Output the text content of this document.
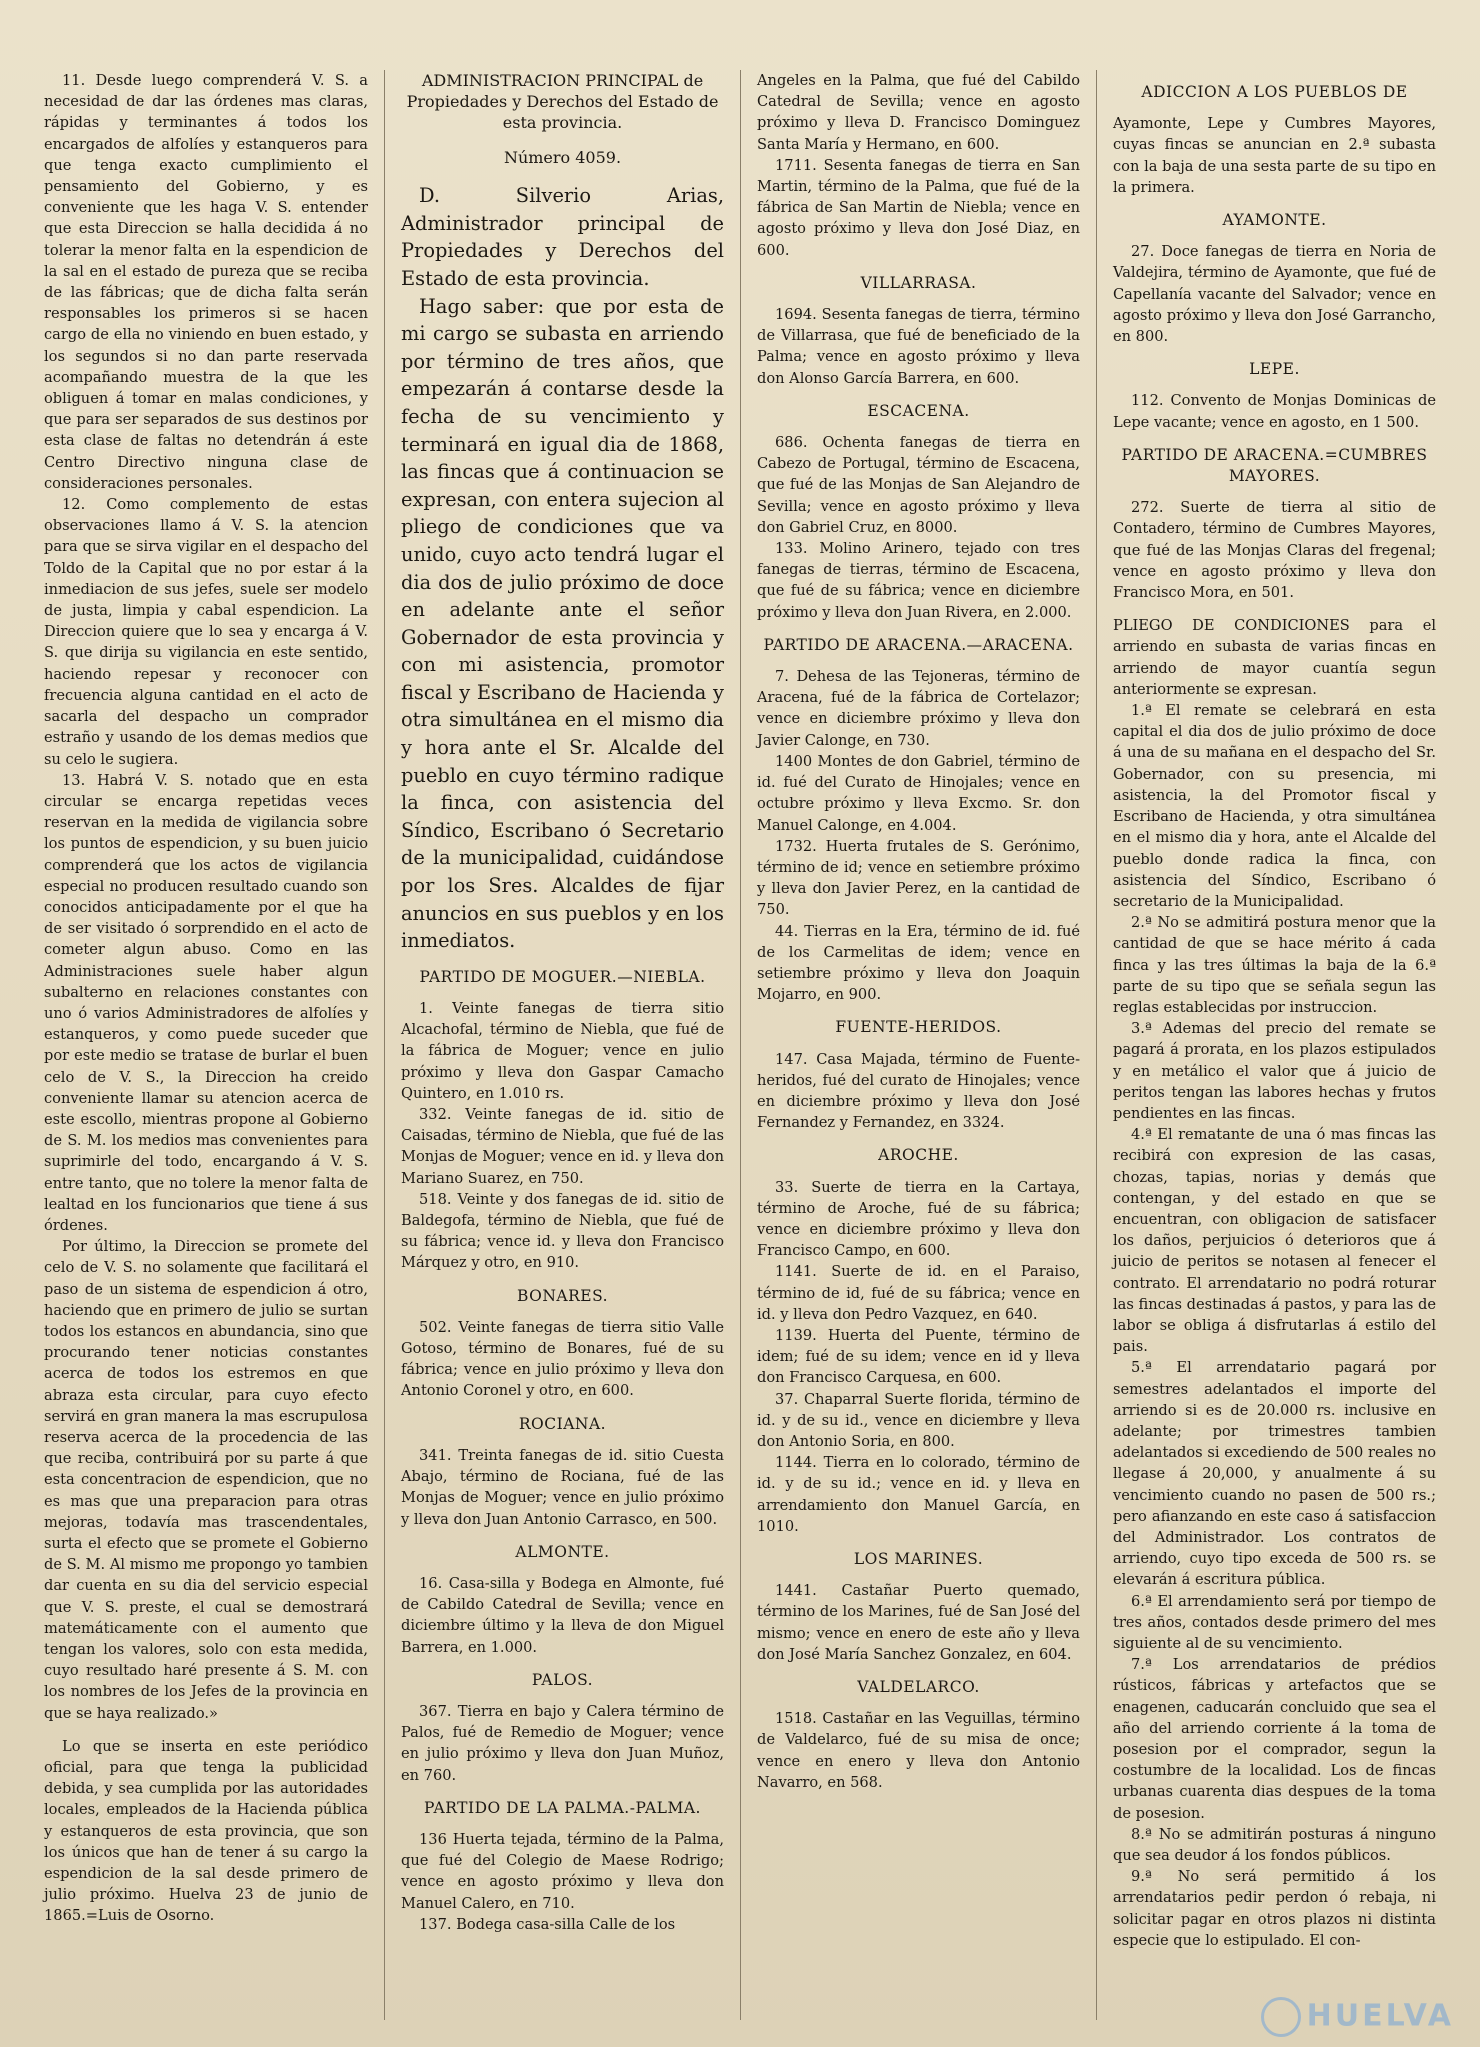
11. Desde luego comprenderá V. S. a necesidad de dar las órdenes mas claras, rápidas y terminantes á todos los encargados de alfolíes y estanqueros para que tenga exacto cumplimiento el pensamiento del Gobierno, y es conveniente que les haga V. S. entender que esta Direccion se halla decidida á no tolerar la menor falta en la espendicion de la sal en el estado de pureza que se reciba de las fábricas; que de dicha falta serán responsables los primeros si se hacen cargo de ella no viniendo en buen estado, y los segundos si no dan parte reservada acompañando muestra de la que les obliguen á tomar en malas condiciones, y que para ser separados de sus destinos por esta clase de faltas no detendrán á este Centro Directivo ninguna clase de consideraciones personales.

12. Como complemento de estas observaciones llamo á V. S. la atencion para que se sirva vigilar en el despacho del Toldo de la Capital que no por estar á la inmediacion de sus jefes, suele ser modelo de justa, limpia y cabal espendicion. La Direccion quiere que lo sea y encarga á V. S. que dirija su vigilancia en este sentido, haciendo repesar y reconocer con frecuencia alguna cantidad en el acto de sacarla del despacho un comprador estraño y usando de los demas medios que su celo le sugiera.

13. Habrá V. S. notado que en esta circular se encarga repetidas veces reservan en la medida de vigilancia sobre los puntos de espendicion, y su buen juicio comprenderá que los actos de vigilancia especial no producen resultado cuando son conocidos anticipadamente por el que ha de ser visitado ó sorprendido en el acto de cometer algun abuso. Como en las Administraciones suele haber algun subalterno en relaciones constantes con uno ó varios Administradores de alfolíes y estanqueros, y como puede suceder que por este medio se tratase de burlar el buen celo de V. S., la Direccion ha creido conveniente llamar su atencion acerca de este escollo, mientras propone al Gobierno de S. M. los medios mas convenientes para suprimirle del todo, encargando á V. S. entre tanto, que no tolere la menor falta de lealtad en los funcionarios que tiene á sus órdenes.

Por último, la Direccion se promete del celo de V. S. no solamente que facilitará el paso de un sistema de espendicion á otro, haciendo que en primero de julio se surtan todos los estancos en abundancia, sino que procurando tener noticias constantes acerca de todos los estremos en que abraza esta circular, para cuyo efecto servirá en gran manera la mas escrupulosa reserva acerca de la procedencia de las que reciba, contribuirá por su parte á que esta concentracion de espendicion, que no es mas que una preparacion para otras mejoras, todavía mas trascendentales, surta el efecto que se promete el Gobierno de S. M. Al mismo me propongo yo tambien dar cuenta en su dia del servicio especial que V. S. preste, el cual se demostrará matemáticamente con el aumento que tengan los valores, solo con esta medida, cuyo resultado haré presente á S. M. con los nombres de los Jefes de la provincia en que se haya realizado.»

Lo que se inserta en este periódico oficial, para que tenga la publicidad debida, y sea cumplida por las autoridades locales, empleados de la Hacienda pública y estanqueros de esta provincia, que son los únicos que han de tener á su cargo la espendicion de la sal desde primero de julio próximo. Huelva 23 de junio de 1865.=Luis de Osorno.

ADMINISTRACION PRINCIPAL de Propiedades y Derechos del Estado de esta provincia.
Número 4059.

D. Silverio Arias, Administrador principal de Propiedades y Derechos del Estado de esta provincia.

Hago saber: que por esta de mi cargo se subasta en arriendo por término de tres años, que empezarán á contarse desde la fecha de su vencimiento y terminará en igual dia de 1868, las fincas que á continuacion se expresan, con entera sujecion al pliego de condiciones que va unido, cuyo acto tendrá lugar el dia dos de julio próximo de doce en adelante ante el señor Gobernador de esta provincia y con mi asistencia, promotor fiscal y Escribano de Hacienda y otra simultánea en el mismo dia y hora ante el Sr. Alcalde del pueblo en cuyo término radique la finca, con asistencia del Síndico, Escribano ó Secretario de la municipalidad, cuidándose por los Sres. Alcaldes de fijar anuncios en sus pueblos y en los inmediatos.

PARTIDO DE MOGUER.—NIEBLA.

1. Veinte fanegas de tierra sitio Alcachofal, término de Niebla, que fué de la fábrica de Moguer; vence en julio próximo y lleva don Gaspar Camacho Quintero, en 1.010 rs.

332. Veinte fanegas de id. sitio de Caisadas, término de Niebla, que fué de las Monjas de Moguer; vence en id. y lleva don Mariano Suarez, en 750.

518. Veinte y dos fanegas de id. sitio de Baldegofa, término de Niebla, que fué de su fábrica; vence id. y lleva don Francisco Márquez y otro, en 910.

BONARES.

502. Veinte fanegas de tierra sitio Valle Gotoso, término de Bonares, fué de su fábrica; vence en julio próximo y lleva don Antonio Coronel y otro, en 600.

ROCIANA.

341. Treinta fanegas de id. sitio Cuesta Abajo, término de Rociana, fué de las Monjas de Moguer; vence en julio próximo y lleva don Juan Antonio Carrasco, en 500.

ALMONTE.

16. Casa-silla y Bodega en Almonte, fué de Cabildo Catedral de Sevilla; vence en diciembre último y la lleva de don Miguel Barrera, en 1.000.

PALOS.

367. Tierra en bajo y Calera término de Palos, fué de Remedio de Moguer; vence en julio próximo y lleva don Juan Muñoz, en 760.

PARTIDO DE LA PALMA.-PALMA.

136 Huerta tejada, término de la Palma, que fué del Colegio de Maese Rodrigo; vence en agosto próximo y lleva don Manuel Calero, en 710.

137. Bodega casa-silla Calle de los

Angeles en la Palma, que fué del Cabildo Catedral de Sevilla; vence en agosto próximo y lleva D. Francisco Dominguez Santa María y Hermano, en 600.

1711. Sesenta fanegas de tierra en San Martin, término de la Palma, que fué de la fábrica de San Martin de Niebla; vence en agosto próximo y lleva don José Diaz, en 600.

VILLARRASA.

1694. Sesenta fanegas de tierra, término de Villarrasa, que fué de beneficiado de la Palma; vence en agosto próximo y lleva don Alonso García Barrera, en 600.

ESCACENA.

686. Ochenta fanegas de tierra en Cabezo de Portugal, término de Escacena, que fué de las Monjas de San Alejandro de Sevilla; vence en agosto próximo y lleva don Gabriel Cruz, en 8000.

133. Molino Arinero, tejado con tres fanegas de tierras, término de Escacena, que fué de su fábrica; vence en diciembre próximo y lleva don Juan Rivera, en 2.000.

PARTIDO DE ARACENA.—ARACENA.

7. Dehesa de las Tejoneras, término de Aracena, fué de la fábrica de Cortelazor; vence en diciembre próximo y lleva don Javier Calonge, en 730.

1400 Montes de don Gabriel, término de id. fué del Curato de Hinojales; vence en octubre próximo y lleva Excmo. Sr. don Manuel Calonge, en 4.004.

1732. Huerta frutales de S. Gerónimo, término de id; vence en setiembre próximo y lleva don Javier Perez, en la cantidad de 750.

44. Tierras en la Era, término de id. fué de los Carmelitas de idem; vence en setiembre próximo y lleva don Joaquin Mojarro, en 900.

FUENTE-HERIDOS.

147. Casa Majada, término de Fuente-heridos, fué del curato de Hinojales; vence en diciembre próximo y lleva don José Fernandez y Fernandez, en 3324.

AROCHE.

33. Suerte de tierra en la Cartaya, término de Aroche, fué de su fábrica; vence en diciembre próximo y lleva don Francisco Campo, en 600.

1141. Suerte de id. en el Paraiso, término de id, fué de su fábrica; vence en id. y lleva don Pedro Vazquez, en 640.

1139. Huerta del Puente, término de idem; fué de su idem; vence en id y lleva don Francisco Carquesa, en 600.

37. Chaparral Suerte florida, término de id. y de su id., vence en diciembre y lleva don Antonio Soria, en 800.

1144. Tierra en lo colorado, término de id. y de su id.; vence en id. y lleva en arrendamiento don Manuel García, en 1010.

LOS MARINES.

1441. Castañar Puerto quemado, término de los Marines, fué de San José del mismo; vence en enero de este año y lleva don José María Sanchez Gonzalez, en 604.

VALDELARCO.

1518. Castañar en las Veguillas, término de Valdelarco, fué de su misa de once; vence en enero y lleva don Antonio Navarro, en 568.

ADICCION A LOS PUEBLOS DE

Ayamonte, Lepe y Cumbres Mayores, cuyas fincas se anuncian en 2.ª subasta con la baja de una sesta parte de su tipo en la primera.

AYAMONTE.

27. Doce fanegas de tierra en Noria de Valdejira, término de Ayamonte, que fué de Capellanía vacante del Salvador; vence en agosto próximo y lleva don José Garrancho, en 800.

LEPE.

112. Convento de Monjas Dominicas de Lepe vacante; vence en agosto, en 1 500.

PARTIDO DE ARACENA.=CUMBRES MAYORES.

272. Suerte de tierra al sitio de Contadero, término de Cumbres Mayores, que fué de las Monjas Claras del fregenal; vence en agosto próximo y lleva don Francisco Mora, en 501.

PLIEGO DE CONDICIONES para el arriendo en subasta de varias fincas en arriendo de mayor cuantía segun anteriormente se expresan.

1.ª El remate se celebrará en esta capital el dia dos de julio próximo de doce á una de su mañana en el despacho del Sr. Gobernador, con su presencia, mi asistencia, la del Promotor fiscal y Escribano de Hacienda, y otra simultánea en el mismo dia y hora, ante el Alcalde del pueblo donde radica la finca, con asistencia del Síndico, Escribano ó secretario de la Municipalidad.

2.ª No se admitirá postura menor que la cantidad de que se hace mérito á cada finca y las tres últimas la baja de la 6.ª parte de su tipo que se señala segun las reglas establecidas por instruccion.

3.ª Ademas del precio del remate se pagará á prorata, en los plazos estipulados y en metálico el valor que á juicio de peritos tengan las labores hechas y frutos pendientes en las fincas.

4.ª El rematante de una ó mas fincas las recibirá con expresion de las casas, chozas, tapias, norias y demás que contengan, y del estado en que se encuentran, con obligacion de satisfacer los daños, perjuicios ó deterioros que á juicio de peritos se notasen al fenecer el contrato. El arrendatario no podrá roturar las fincas destinadas á pastos, y para las de labor se obliga á disfrutarlas á estilo del pais.

5.ª El arrendatario pagará por semestres adelantados el importe del arriendo si es de 20.000 rs. inclusive en adelante; por trimestres tambien adelantados si excediendo de 500 reales no llegase á 20,000, y anualmente á su vencimiento cuando no pasen de 500 rs.; pero afianzando en este caso á satisfaccion del Administrador. Los contratos de arriendo, cuyo tipo exceda de 500 rs. se elevarán á escritura pública.

6.ª El arrendamiento será por tiempo de tres años, contados desde primero del mes siguiente al de su vencimiento.

7.ª Los arrendatarios de prédios rústicos, fábricas y artefactos que se enagenen, caducarán concluido que sea el año del arriendo corriente á la toma de posesion por el comprador, segun la costumbre de la localidad. Los de fincas urbanas cuarenta dias despues de la toma de posesion.

8.ª No se admitirán posturas á ninguno que sea deudor á los fondos públicos.

9.ª No será permitido á los arrendatarios pedir perdon ó rebaja, ni solicitar pagar en otros plazos ni distinta especie que lo estipulado. El con-

HUELVA
